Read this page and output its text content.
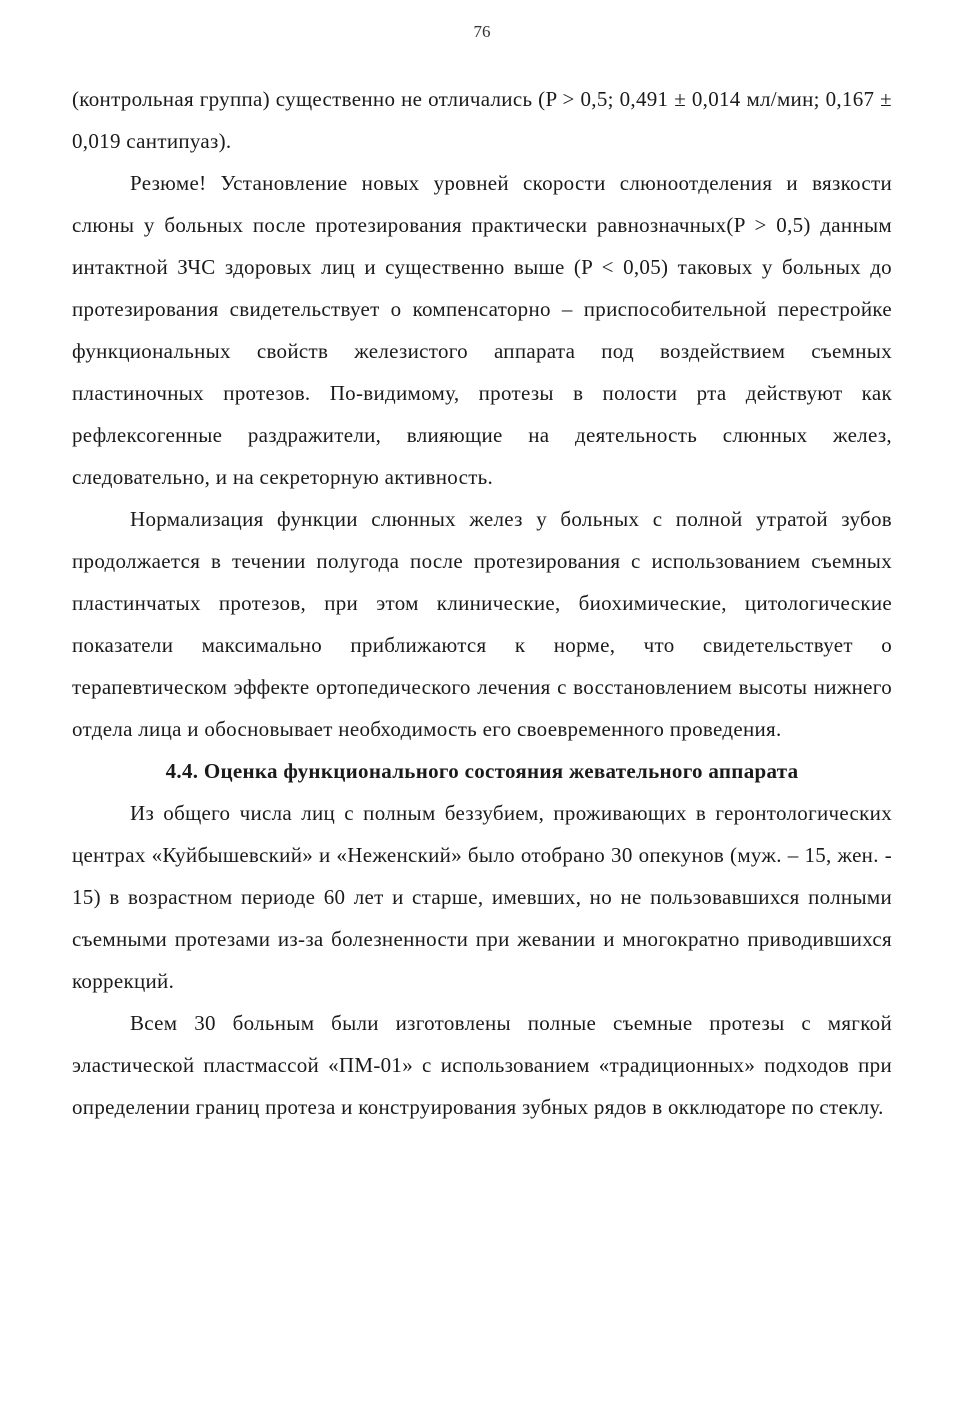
76

(контрольная группа) существенно не отличались (P > 0,5; 0,491 ± 0,014 мл/мин; 0,167 ± 0,019 сантипуаз).

Резюме! Установление новых уровней скорости слюноотделения и вязкости слюны у больных после протезирования практически равнозначных(P > 0,5) данным интактной ЗЧС здоровых лиц и существенно выше (P < 0,05) таковых у больных до протезирования свидетельствует о компенсаторно – приспособительной перестройке функциональных свойств железистого аппарата под воздействием съемных пластиночных протезов. По-видимому, протезы в полости рта действуют как рефлексогенные раздражители, влияющие на деятельность слюнных желез, следовательно, и на секреторную активность.

Нормализация функции слюнных желез у больных с полной утратой зубов продолжается в течении полугода после протезирования с использованием съемных пластинчатых протезов, при этом клинические, биохимические, цитологические показатели максимально приближаются к норме, что свидетельствует о терапевтическом эффекте ортопедического лечения с восстановлением высоты нижнего отдела лица и обосновывает необходимость его своевременного проведения.

4.4. Оценка функционального состояния жевательного аппарата

Из общего числа лиц с полным беззубием, проживающих в геронтологических центрах «Куйбышевский» и «Неженский» было отобрано 30 опекунов (муж. – 15, жен. - 15) в возрастном периоде 60 лет и старше, имевших, но не пользовавшихся полными съемными протезами из-за болезненности при жевании и многократно приводившихся коррекций.

Всем 30 больным были изготовлены полные съемные протезы с мягкой эластической пластмассой «ПМ-01» с использованием «традиционных» подходов при определении границ протеза и конструирования зубных рядов в окклюдаторе по стеклу.
